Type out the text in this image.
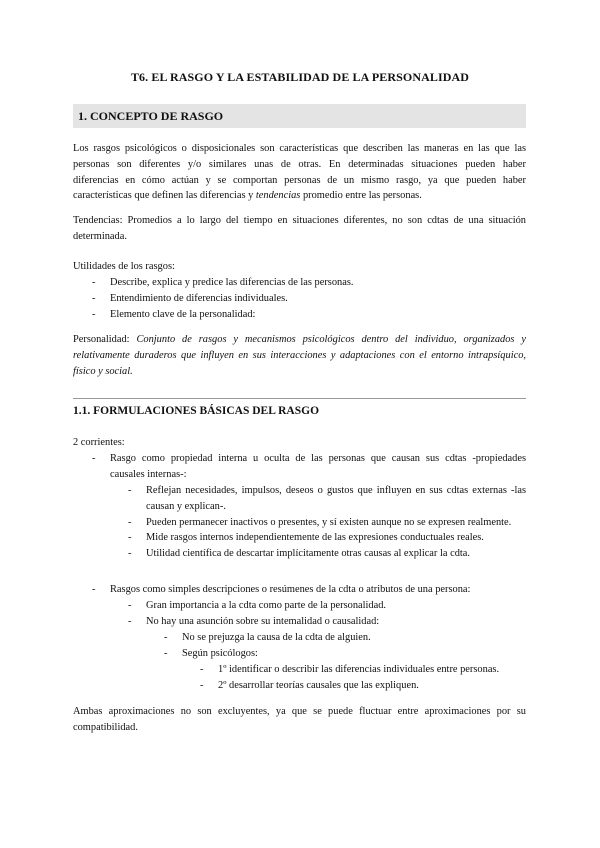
T6. EL RASGO Y LA ESTABILIDAD DE LA PERSONALIDAD
1. CONCEPTO DE RASGO
Los rasgos psicológicos o disposicionales son características que describen las maneras en las que las
personas son diferentes y/o similares unas de otras. En determinadas situaciones pueden haber
diferencias en cómo actúan y se comportan personas de un mismo rasgo, ya que pueden haber
características que definen las diferencias y tendencias promedio entre las personas.
Tendencias: Promedios a lo largo del tiempo en situaciones diferentes, no son cdtas de una situación determinada.
Utilidades de los rasgos:
- Describe, explica y predice las diferencias de las personas.
- Entendimiento de diferencias individuales.
- Elemento clave de la personalidad:
Personalidad: Conjunto de rasgos y mecanismos psicológicos dentro del individuo, organizados y relativamente duraderos que influyen en sus interacciones y adaptaciones con el entorno intrapsíquico, físico y social.
1.1. FORMULACIONES BÁSICAS DEL RASGO
2 corrientes:
- Rasgo como propiedad interna u oculta de las personas que causan sus cdtas -propiedades
causales internas-:
- Reflejan necesidades, impulsos, deseos o gustos que influyen en sus cdtas externas -las causan y explican-.
- Pueden permanecer inactivos o presentes, y sí existen aunque no se expresen realmente.
- Mide rasgos internos independientemente de las expresiones conductuales reales.
- Utilidad científica de descartar implícitamente otras causas al explicar la cdta.
- Rasgos como simples descripciones o resúmenes de la cdta o atributos de una persona:
- Gran importancia a la cdta como parte de la personalidad.
- No hay una asunción sobre su intemalidad o causalidad:
- No se prejuzga la causa de la cdta de alguien.
- Según psicólogos:
- 1º identificar o describir las diferencias individuales entre personas.
- 2º desarrollar teorías causales que las expliquen.
Ambas aproximaciones no son excluyentes, ya que se puede fluctuar entre aproximaciones por su compatibilidad.
